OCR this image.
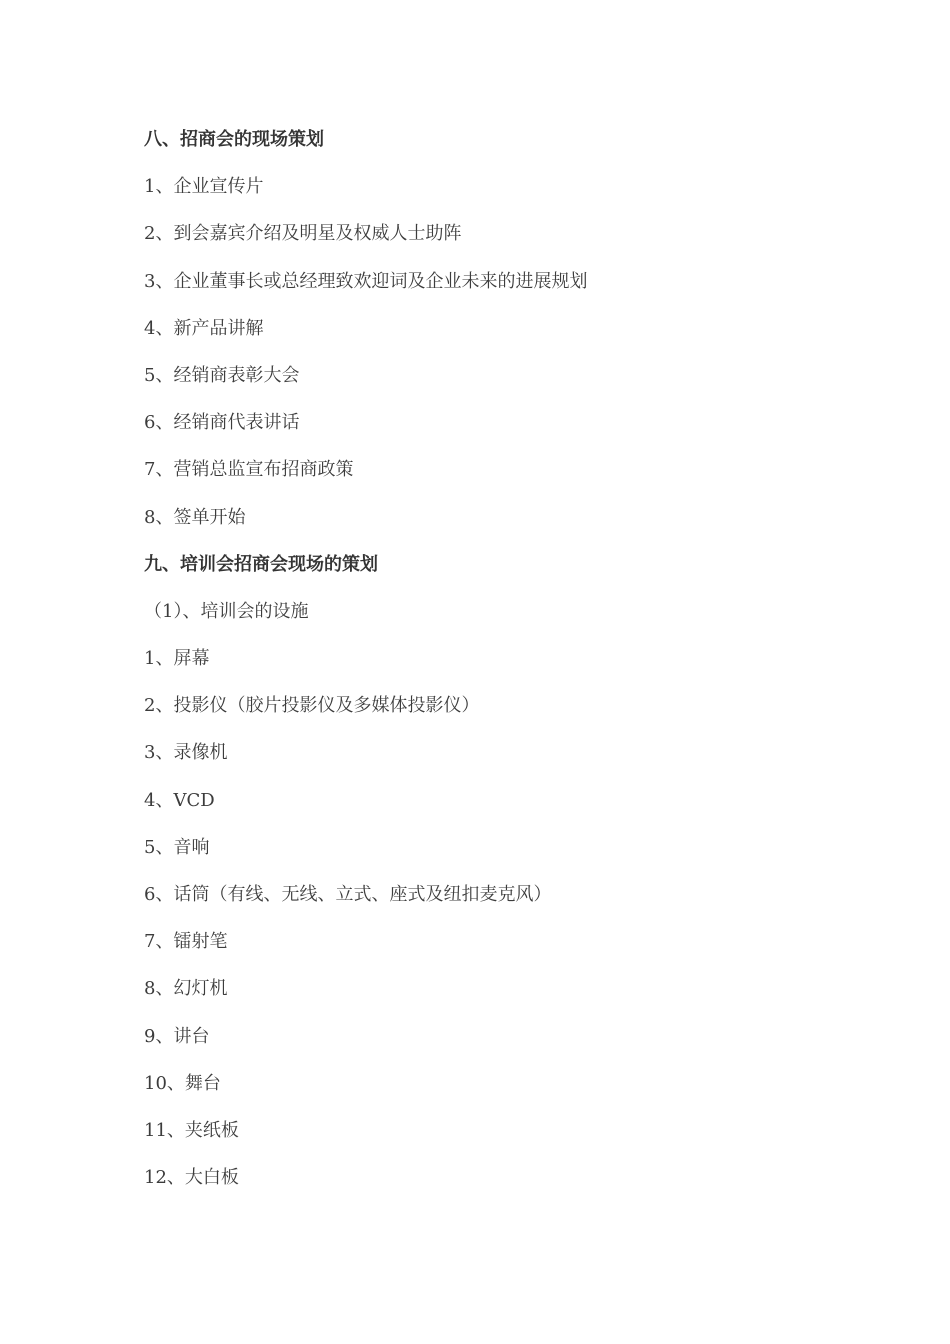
八、招商会的现场策划
1、企业宣传片
2、到会嘉宾介绍及明星及权威人士助阵
3、企业董事长或总经理致欢迎词及企业未来的进展规划
4、新产品讲解
5、经销商表彰大会
6、经销商代表讲话
7、营销总监宣布招商政策
8、签单开始
九、培训会招商会现场的策划
（1）、培训会的设施
1、屏幕
2、投影仪（胶片投影仪及多媒体投影仪）
3、录像机
4、VCD
5、音响
6、话筒（有线、无线、立式、座式及纽扣麦克风）
7、镭射笔
8、幻灯机
9、讲台
10、舞台
11、夹纸板
12、大白板
